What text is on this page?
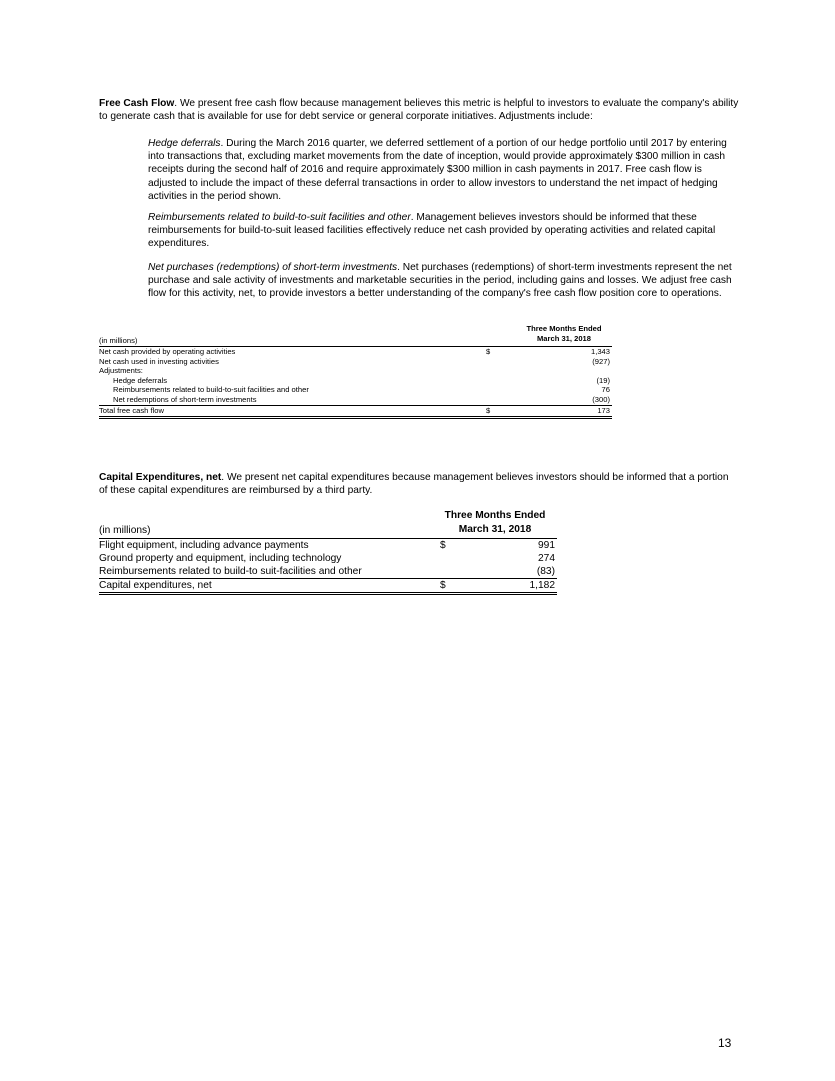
Free Cash Flow. We present free cash flow because management believes this metric is helpful to investors to evaluate the company's ability to generate cash that is available for use for debt service or general corporate initiatives. Adjustments include:

Hedge deferrals. During the March 2016 quarter, we deferred settlement of a portion of our hedge portfolio until 2017 by entering into transactions that, excluding market movements from the date of inception, would provide approximately $300 million in cash receipts during the second half of 2016 and require approximately $300 million in cash payments in 2017. Free cash flow is adjusted to include the impact of these deferral transactions in order to allow investors to understand the net impact of hedging activities in the period shown.

Reimbursements related to build-to-suit facilities and other. Management believes investors should be informed that these reimbursements for build-to-suit leased facilities effectively reduce net cash provided by operating activities and related capital expenditures.

Net purchases (redemptions) of short-term investments. Net purchases (redemptions) of short-term investments represent the net purchase and sale activity of investments and marketable securities in the period, including gains and losses. We adjust free cash flow for this activity, net, to provide investors a better understanding of the company's free cash flow position core to operations.

Three Months Ended
March 31, 2018
(in millions)
Net cash provided by operating activities	$	1,343
Net cash used in investing activities	(927)
Adjustments:
Hedge deferrals	(19)
Reimbursements related to build-to-suit facilities and other	76
Net redemptions of short-term investments	(300)
Total free cash flow	$	173

Capital Expenditures, net. We present net capital expenditures because management believes investors should be informed that a portion of these capital expenditures are reimbursed by a third party.

Three Months Ended
March 31, 2018
(in millions)
Flight equipment, including advance payments	$	991
Ground property and equipment, including technology	274
Reimbursements related to build-to suit-facilities and other	(83)
Capital expenditures, net	$	1,182
13
